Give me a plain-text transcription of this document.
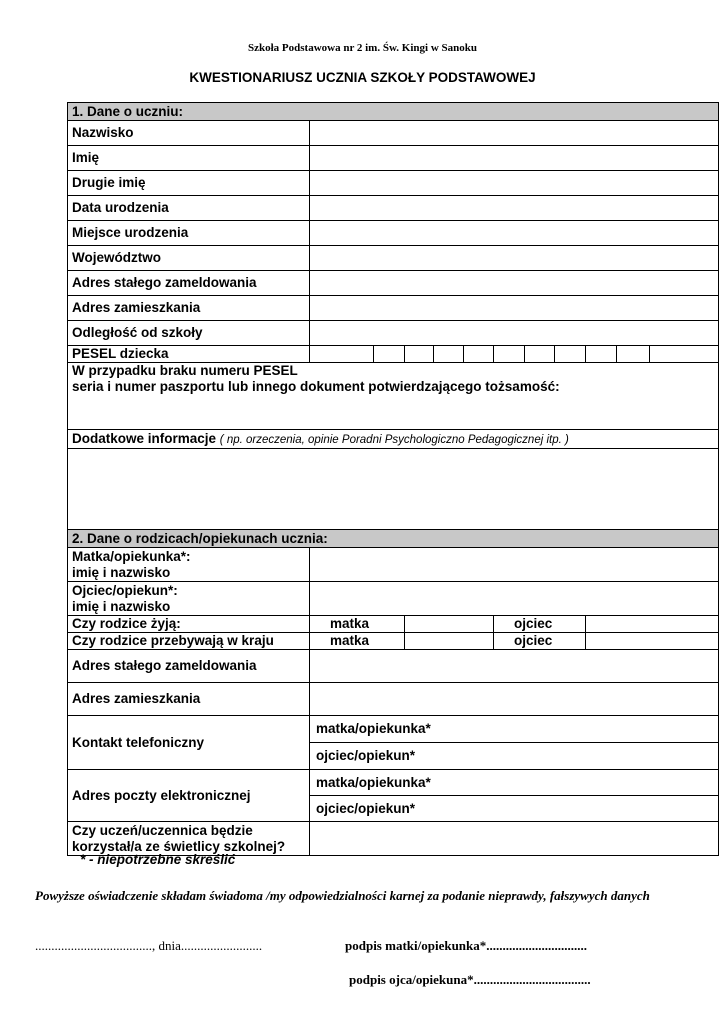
Szkoła Podstawowa nr 2 im. Św. Kingi w Sanoku
KWESTIONARIUSZ UCZNIA SZKOŁY PODSTAWOWEJ

1. Dane o uczniu:											
Nazwisko											
Imię											
Drugie imię											
Data urodzenia											
Miejsce urodzenia											
Województwo											
Adres stałego zameldowania											
Adres zamieszkania											
Odległość od szkoły											
PESEL dziecka											

W przypadku braku numeru PESEL
seria i numer paszportu lub innego dokument potwierdzającego tożsamość:											

Dodatkowe informacje ( np. orzeczenia, opinie Poradni Psychologiczno Pedagogicznej itp. )											

2. Dane o rodzicach/opiekunach ucznia:											

Matka/opiekunka*:
imię i nazwisko											

Ojciec/opiekun*:
imię i nazwisko											

Czy rodzice żyją:	matka					ojciec					
Czy rodzice przebywają w kraju	matka					ojciec					
Adres stałego zameldowania											
Adres zamieszkania											
Kontakt telefoniczny	matka/opiekunka*										
	ojciec/opiekun*										
Adres poczty elektronicznej	matka/opiekunka*										
	ojciec/opiekun*										

Czy uczeń/uczennica będzie
korzystał/a ze świetlicy szkolnej?											

* - niepotrzebne skreślić
Powyższe oświadczenie składam świadoma /my odpowiedzialności karnej za podanie nieprawdy, fałszywych danych
...................................., dnia.........................	podpis matki/opiekunka*...............................
podpis ojca/opiekuna*....................................
